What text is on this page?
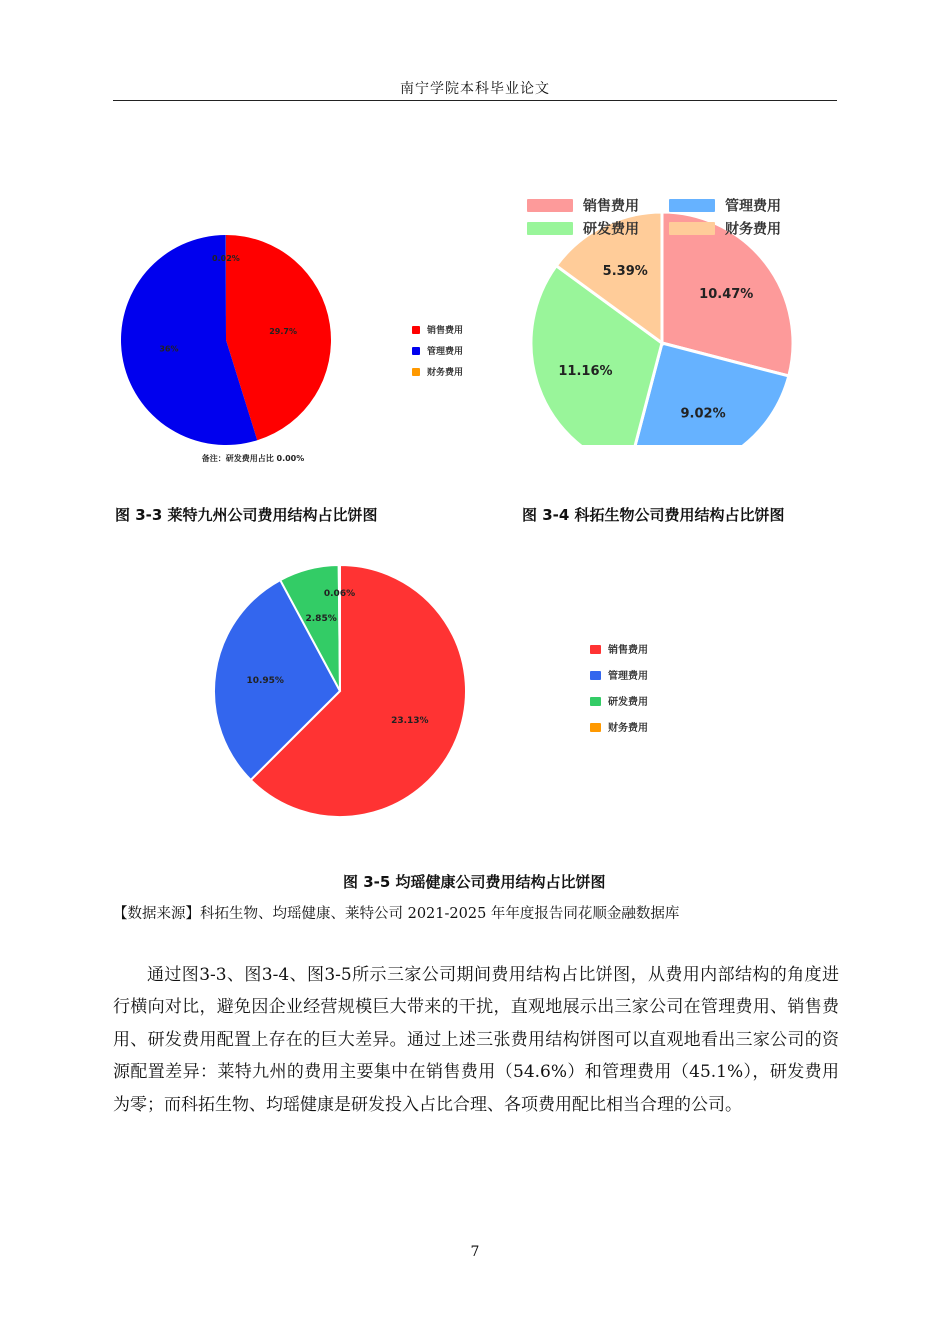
南宁学院本科毕业论文
29.7%
36%
0.02%
销售费用
管理费用
财务费用
备注：研发费用占比 0.00%
图 3-3 莱特九州公司费用结构占比饼图
10.47%
9.02%
11.16%
5.39%
销售费用	管理费用
研发费用	财务费用
图 3-4 科拓生物公司费用结构占比饼图
23.13%
10.95%
2.85%
0.06%
销售费用
管理费用
研发费用
财务费用
图 3-5 均瑶健康公司费用结构占比饼图
【数据来源】科拓生物、均瑶健康、莱特公司 2021-2025 年年度报告同花顺金融数据库
通过图3-3、图3-4、图3-5所示三家公司期间费用结构占比饼图，从费用内部结构的角度进行横向对比，避免因企业经营规模巨大带来的干扰，直观地展示出三家公司在管理费用、销售费用、研发费用配置上存在的巨大差异。通过上述三张费用结构饼图可以直观地看出三家公司的资源配置差异：莱特九州的费用主要集中在销售费用（54.6%）和管理费用（45.1%），研发费用为零；而科拓生物、均瑶健康是研发投入占比合理、各项费用配比相当合理的公司。
7
